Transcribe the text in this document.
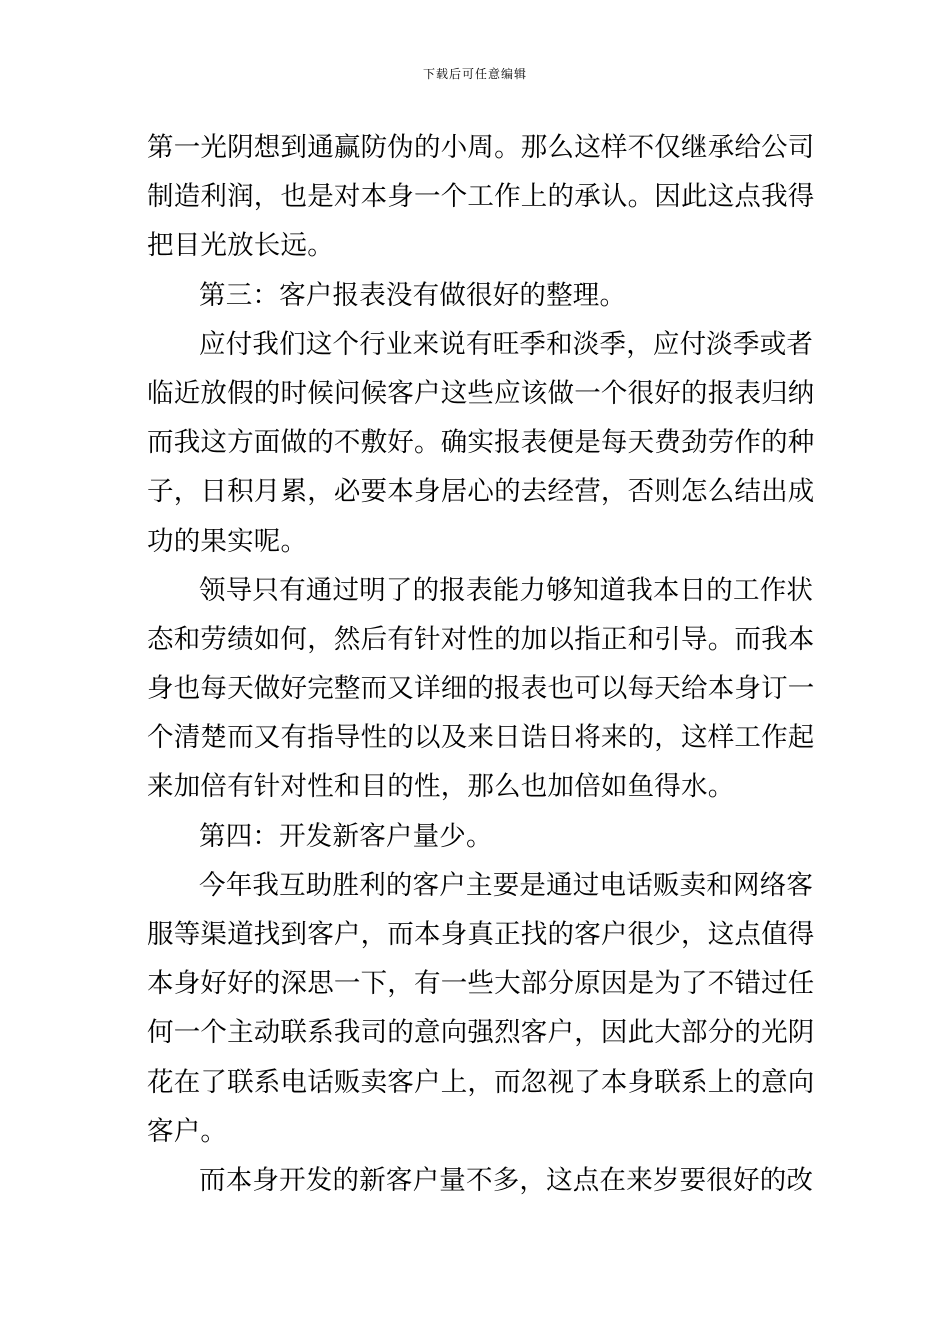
下载后可任意编辑
第一光阴想到通赢防伪的小周。那么这样不仅继承给公司
制造利润，也是对本身一个工作上的承认。因此这点我得
把目光放长远。
第三：客户报表没有做很好的整理。
应付我们这个行业来说有旺季和淡季，应付淡季或者
临近放假的时候问候客户这些应该做一个很好的报表归纳
而我这方面做的不敷好。确实报表便是每天费劲劳作的种
子，日积月累，必要本身居心的去经营，否则怎么结出成
功的果实呢。
领导只有通过明了的报表能力够知道我本日的工作状
态和劳绩如何，然后有针对性的加以指正和引导。而我本
身也每天做好完整而又详细的报表也可以每天给本身订一
个清楚而又有指导性的以及来日诰日将来的，这样工作起
来加倍有针对性和目的性，那么也加倍如鱼得水。
第四：开发新客户量少。
今年我互助胜利的客户主要是通过电话贩卖和网络客
服等渠道找到客户，而本身真正找的客户很少，这点值得
本身好好的深思一下，有一些大部分原因是为了不错过任
何一个主动联系我司的意向强烈客户，因此大部分的光阴
花在了联系电话贩卖客户上，而忽视了本身联系上的意向
客户。
而本身开发的新客户量不多，这点在来岁要很好的改
